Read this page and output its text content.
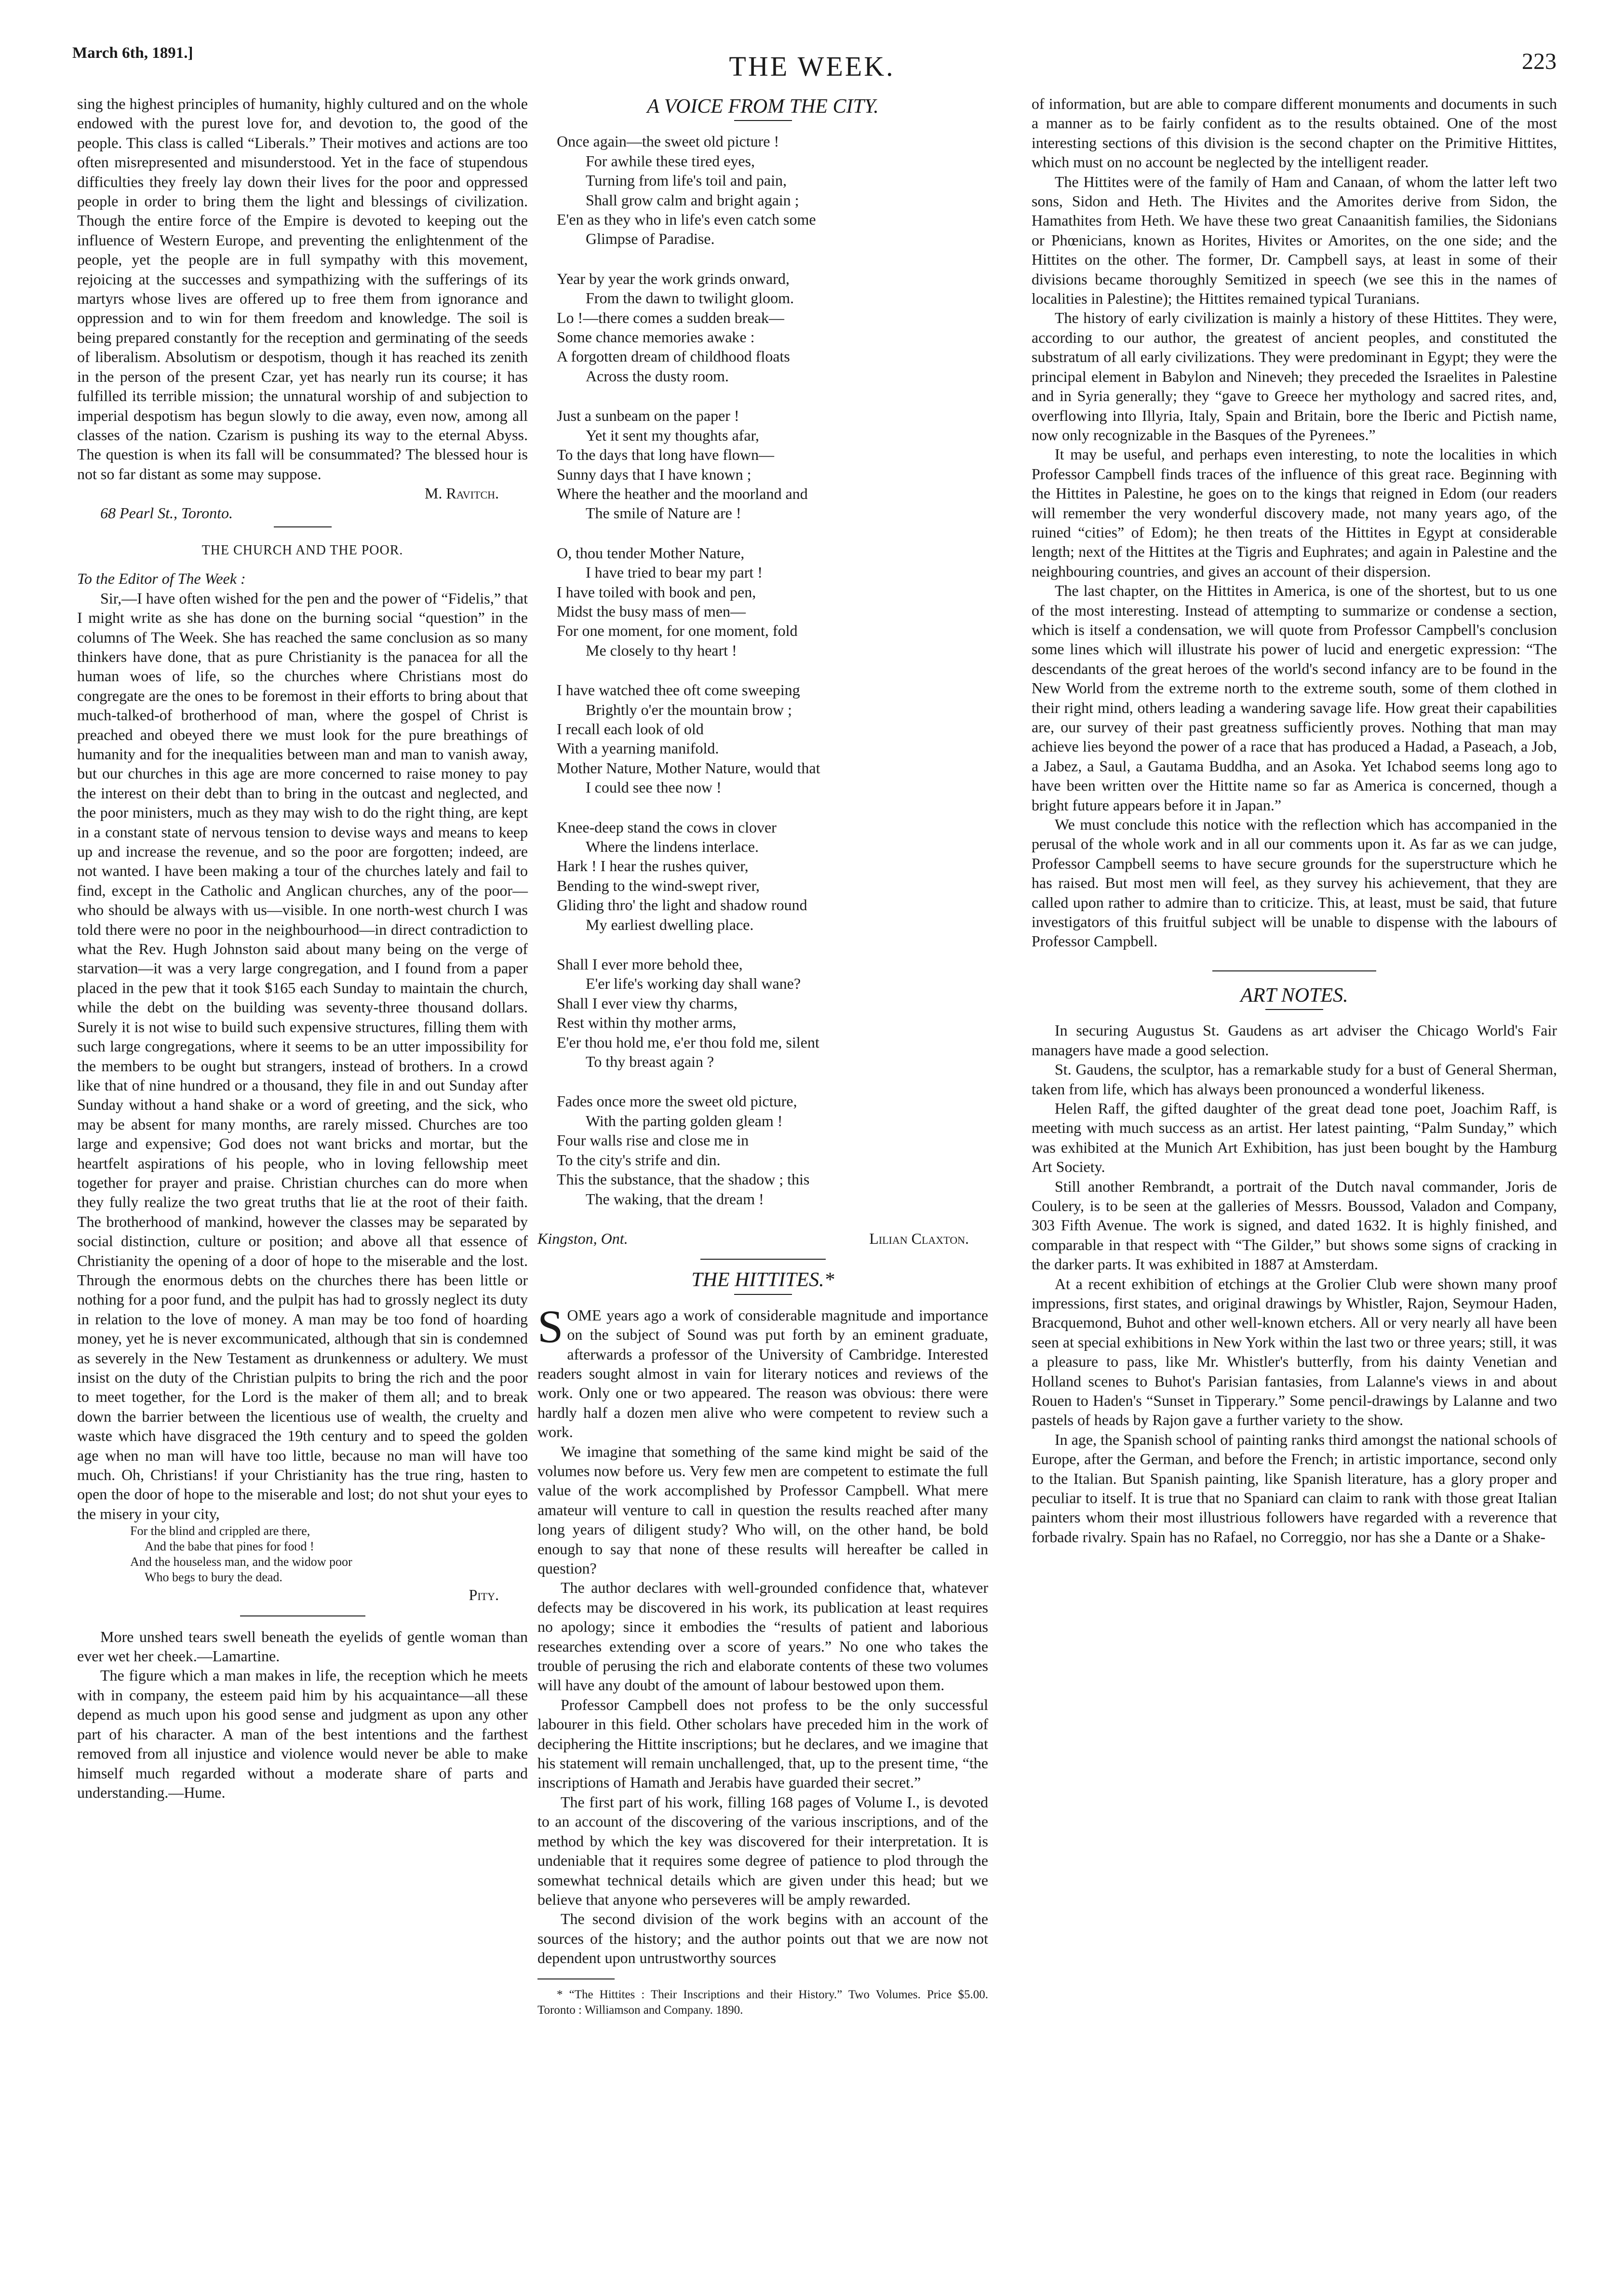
March 6th, 1891.]	THE WEEK.	223

sing the highest principles of humanity, highly cultured and on the whole endowed with the purest love for, and devotion to, the good of the people. This class is called “Liberals.” Their motives and actions are too often misrepresented and misunderstood. Yet in the face of stupendous difficulties they freely lay down their lives for the poor and oppressed people in order to bring them the light and blessings of civilization. Though the entire force of the Empire is devoted to keeping out the influence of Western Europe, and preventing the enlightenment of the people, yet the people are in full sympathy with this movement, rejoicing at the successes and sympathizing with the sufferings of its martyrs whose lives are offered up to free them from ignorance and oppression and to win for them freedom and knowledge. The soil is being prepared constantly for the reception and germinating of the seeds of liberalism. Absolutism or despotism, though it has reached its zenith in the person of the present Czar, yet has nearly run its course; it has fulfilled its terrible mission; the unnatural worship of and subjection to imperial despotism has begun slowly to die away, even now, among all classes of the nation. Czarism is pushing its way to the eternal Abyss. The question is when its fall will be consummated? The blessed hour is not so far distant as some may suppose.

M. Ravitch.

68 Pearl St., Toronto.

THE CHURCH AND THE POOR.

To the Editor of The Week :

Sir,—I have often wished for the pen and the power of “Fidelis,” that I might write as she has done on the burning social “question” in the columns of The Week. She has reached the same conclusion as so many thinkers have done, that as pure Christianity is the panacea for all the human woes of life, so the churches where Christians most do congregate are the ones to be foremost in their efforts to bring about that much-talked-of brotherhood of man, where the gospel of Christ is preached and obeyed there we must look for the pure breathings of humanity and for the inequalities between man and man to vanish away, but our churches in this age are more concerned to raise money to pay the interest on their debt than to bring in the outcast and neglected, and the poor ministers, much as they may wish to do the right thing, are kept in a constant state of nervous tension to devise ways and means to keep up and increase the revenue, and so the poor are forgotten; indeed, are not wanted. I have been making a tour of the churches lately and fail to find, except in the Catholic and Anglican churches, any of the poor—who should be always with us—visible. In one north-west church I was told there were no poor in the neighbourhood—in direct contradiction to what the Rev. Hugh Johnston said about many being on the verge of starvation—it was a very large congregation, and I found from a paper placed in the pew that it took $165 each Sunday to maintain the church, while the debt on the building was seventy-three thousand dollars. Surely it is not wise to build such expensive structures, filling them with such large congregations, where it seems to be an utter impossibility for the members to be ought but strangers, instead of brothers. In a crowd like that of nine hundred or a thousand, they file in and out Sunday after Sunday without a hand shake or a word of greeting, and the sick, who may be absent for many months, are rarely missed. Churches are too large and expensive; God does not want bricks and mortar, but the heartfelt aspirations of his people, who in loving fellowship meet together for prayer and praise. Christian churches can do more when they fully realize the two great truths that lie at the root of their faith. The brotherhood of mankind, however the classes may be separated by social distinction, culture or position; and above all that essence of Christianity the opening of a door of hope to the miserable and the lost. Through the enormous debts on the churches there has been little or nothing for a poor fund, and the pulpit has had to grossly neglect its duty in relation to the love of money. A man may be too fond of hoarding money, yet he is never excommunicated, although that sin is condemned as severely in the New Testament as drunkenness or adultery. We must insist on the duty of the Christian pulpits to bring the rich and the poor to meet together, for the Lord is the maker of them all; and to break down the barrier between the licentious use of wealth, the cruelty and waste which have disgraced the 19th century and to speed the golden age when no man will have too little, because no man will have too much. Oh, Christians! if your Christianity has the true ring, hasten to open the door of hope to the miserable and lost; do not shut your eyes to the misery in your city,

For the blind and crippled are there,
And the babe that pines for food !
And the houseless man, and the widow poor
Who begs to bury the dead.
Pity.

More unshed tears swell beneath the eyelids of gentle woman than ever wet her cheek.—Lamartine.

The figure which a man makes in life, the reception which he meets with in company, the esteem paid him by his acquaintance—all these depend as much upon his good sense and judgment as upon any other part of his character. A man of the best intentions and the farthest removed from all injustice and violence would never be able to make himself much regarded without a moderate share of parts and understanding.—Hume.

A VOICE FROM THE CITY.
Once again—the sweet old picture !
For awhile these tired eyes,
Turning from life's toil and pain,
Shall grow calm and bright again ;
E'en as they who in life's even catch some
Glimpse of Paradise.
Year by year the work grinds onward,
From the dawn to twilight gloom.
Lo !—there comes a sudden break—
Some chance memories awake :
A forgotten dream of childhood floats
Across the dusty room.
Just a sunbeam on the paper !
Yet it sent my thoughts afar,
To the days that long have flown—
Sunny days that I have known ;
Where the heather and the moorland and
The smile of Nature are !
O, thou tender Mother Nature,
I have tried to bear my part !
I have toiled with book and pen,
Midst the busy mass of men—
For one moment, for one moment, fold
Me closely to thy heart !
I have watched thee oft come sweeping
Brightly o'er the mountain brow ;
I recall each look of old
With a yearning manifold.
Mother Nature, Mother Nature, would that
I could see thee now !
Knee-deep stand the cows in clover
Where the lindens interlace.
Hark ! I hear the rushes quiver,
Bending to the wind-swept river,
Gliding thro' the light and shadow round
My earliest dwelling place.
Shall I ever more behold thee,
E'er life's working day shall wane?
Shall I ever view thy charms,
Rest within thy mother arms,
E'er thou hold me, e'er thou fold me, silent
To thy breast again ?
Fades once more the sweet old picture,
With the parting golden gleam !
Four walls rise and close me in
To the city's strife and din.
This the substance, that the shadow ; this
The waking, that the dream !
Kingston, Ont.	Lilian Claxton.
THE HITTITES.*

SOME years ago a work of considerable magnitude and importance on the subject of Sound was put forth by an eminent graduate, afterwards a professor of the University of Cambridge. Interested readers sought almost in vain for literary notices and reviews of the work. Only one or two appeared. The reason was obvious: there were hardly half a dozen men alive who were competent to review such a work.

We imagine that something of the same kind might be said of the volumes now before us. Very few men are competent to estimate the full value of the work accomplished by Professor Campbell. What mere amateur will venture to call in question the results reached after many long years of diligent study? Who will, on the other hand, be bold enough to say that none of these results will hereafter be called in question?

The author declares with well-grounded confidence that, whatever defects may be discovered in his work, its publication at least requires no apology; since it embodies the “results of patient and laborious researches extending over a score of years.” No one who takes the trouble of perusing the rich and elaborate contents of these two volumes will have any doubt of the amount of labour bestowed upon them.

Professor Campbell does not profess to be the only successful labourer in this field. Other scholars have preceded him in the work of deciphering the Hittite inscriptions; but he declares, and we imagine that his statement will remain unchallenged, that, up to the present time, “the inscriptions of Hamath and Jerabis have guarded their secret.”

The first part of his work, filling 168 pages of Volume I., is devoted to an account of the discovering of the various inscriptions, and of the method by which the key was discovered for their interpretation. It is undeniable that it requires some degree of patience to plod through the somewhat technical details which are given under this head; but we believe that anyone who perseveres will be amply rewarded.

The second division of the work begins with an account of the sources of the history; and the author points out that we are now not dependent upon untrustworthy sources

* “The Hittites : Their Inscriptions and their History.” Two Volumes. Price $5.00. Toronto : Williamson and Company. 1890.

of information, but are able to compare different monuments and documents in such a manner as to be fairly confident as to the results obtained. One of the most interesting sections of this division is the second chapter on the Primitive Hittites, which must on no account be neglected by the intelligent reader.

The Hittites were of the family of Ham and Canaan, of whom the latter left two sons, Sidon and Heth. The Hivites and the Amorites derive from Sidon, the Hamathites from Heth. We have these two great Canaanitish families, the Sidonians or Phœnicians, known as Horites, Hivites or Amorites, on the one side; and the Hittites on the other. The former, Dr. Campbell says, at least in some of their divisions became thoroughly Semitized in speech (we see this in the names of localities in Palestine); the Hittites remained typical Turanians.

The history of early civilization is mainly a history of these Hittites. They were, according to our author, the greatest of ancient peoples, and constituted the substratum of all early civilizations. They were predominant in Egypt; they were the principal element in Babylon and Nineveh; they preceded the Israelites in Palestine and in Syria generally; they “gave to Greece her mythology and sacred rites, and, overflowing into Illyria, Italy, Spain and Britain, bore the Iberic and Pictish name, now only recognizable in the Basques of the Pyrenees.”

It may be useful, and perhaps even interesting, to note the localities in which Professor Campbell finds traces of the influence of this great race. Beginning with the Hittites in Palestine, he goes on to the kings that reigned in Edom (our readers will remember the very wonderful discovery made, not many years ago, of the ruined “cities” of Edom); he then treats of the Hittites in Egypt at considerable length; next of the Hittites at the Tigris and Euphrates; and again in Palestine and the neighbouring countries, and gives an account of their dispersion.

The last chapter, on the Hittites in America, is one of the shortest, but to us one of the most interesting. Instead of attempting to summarize or condense a section, which is itself a condensation, we will quote from Professor Campbell's conclusion some lines which will illustrate his power of lucid and energetic expression: “The descendants of the great heroes of the world's second infancy are to be found in the New World from the extreme north to the extreme south, some of them clothed in their right mind, others leading a wandering savage life. How great their capabilities are, our survey of their past greatness sufficiently proves. Nothing that man may achieve lies beyond the power of a race that has produced a Hadad, a Paseach, a Job, a Jabez, a Saul, a Gautama Buddha, and an Asoka. Yet Ichabod seems long ago to have been written over the Hittite name so far as America is concerned, though a bright future appears before it in Japan.”

We must conclude this notice with the reflection which has accompanied in the perusal of the whole work and in all our comments upon it. As far as we can judge, Professor Campbell seems to have secure grounds for the superstructure which he has raised. But most men will feel, as they survey his achievement, that they are called upon rather to admire than to criticize. This, at least, must be said, that future investigators of this fruitful subject will be unable to dispense with the labours of Professor Campbell.

ART NOTES.

In securing Augustus St. Gaudens as art adviser the Chicago World's Fair managers have made a good selection.

St. Gaudens, the sculptor, has a remarkable study for a bust of General Sherman, taken from life, which has always been pronounced a wonderful likeness.

Helen Raff, the gifted daughter of the great dead tone poet, Joachim Raff, is meeting with much success as an artist. Her latest painting, “Palm Sunday,” which was exhibited at the Munich Art Exhibition, has just been bought by the Hamburg Art Society.

Still another Rembrandt, a portrait of the Dutch naval commander, Joris de Coulery, is to be seen at the galleries of Messrs. Boussod, Valadon and Company, 303 Fifth Avenue. The work is signed, and dated 1632. It is highly finished, and comparable in that respect with “The Gilder,” but shows some signs of cracking in the darker parts. It was exhibited in 1887 at Amsterdam.

At a recent exhibition of etchings at the Grolier Club were shown many proof impressions, first states, and original drawings by Whistler, Rajon, Seymour Haden, Bracquemond, Buhot and other well-known etchers. All or very nearly all have been seen at special exhibitions in New York within the last two or three years; still, it was a pleasure to pass, like Mr. Whistler's butterfly, from his dainty Venetian and Holland scenes to Buhot's Parisian fantasies, from Lalanne's views in and about Rouen to Haden's “Sunset in Tipperary.” Some pencil-drawings by Lalanne and two pastels of heads by Rajon gave a further variety to the show.

In age, the Spanish school of painting ranks third amongst the national schools of Europe, after the German, and before the French; in artistic importance, second only to the Italian. But Spanish painting, like Spanish literature, has a glory proper and peculiar to itself. It is true that no Spaniard can claim to rank with those great Italian painters whom their most illustrious followers have regarded with a reverence that forbade rivalry. Spain has no Rafael, no Correggio, nor has she a Dante or a Shake-
